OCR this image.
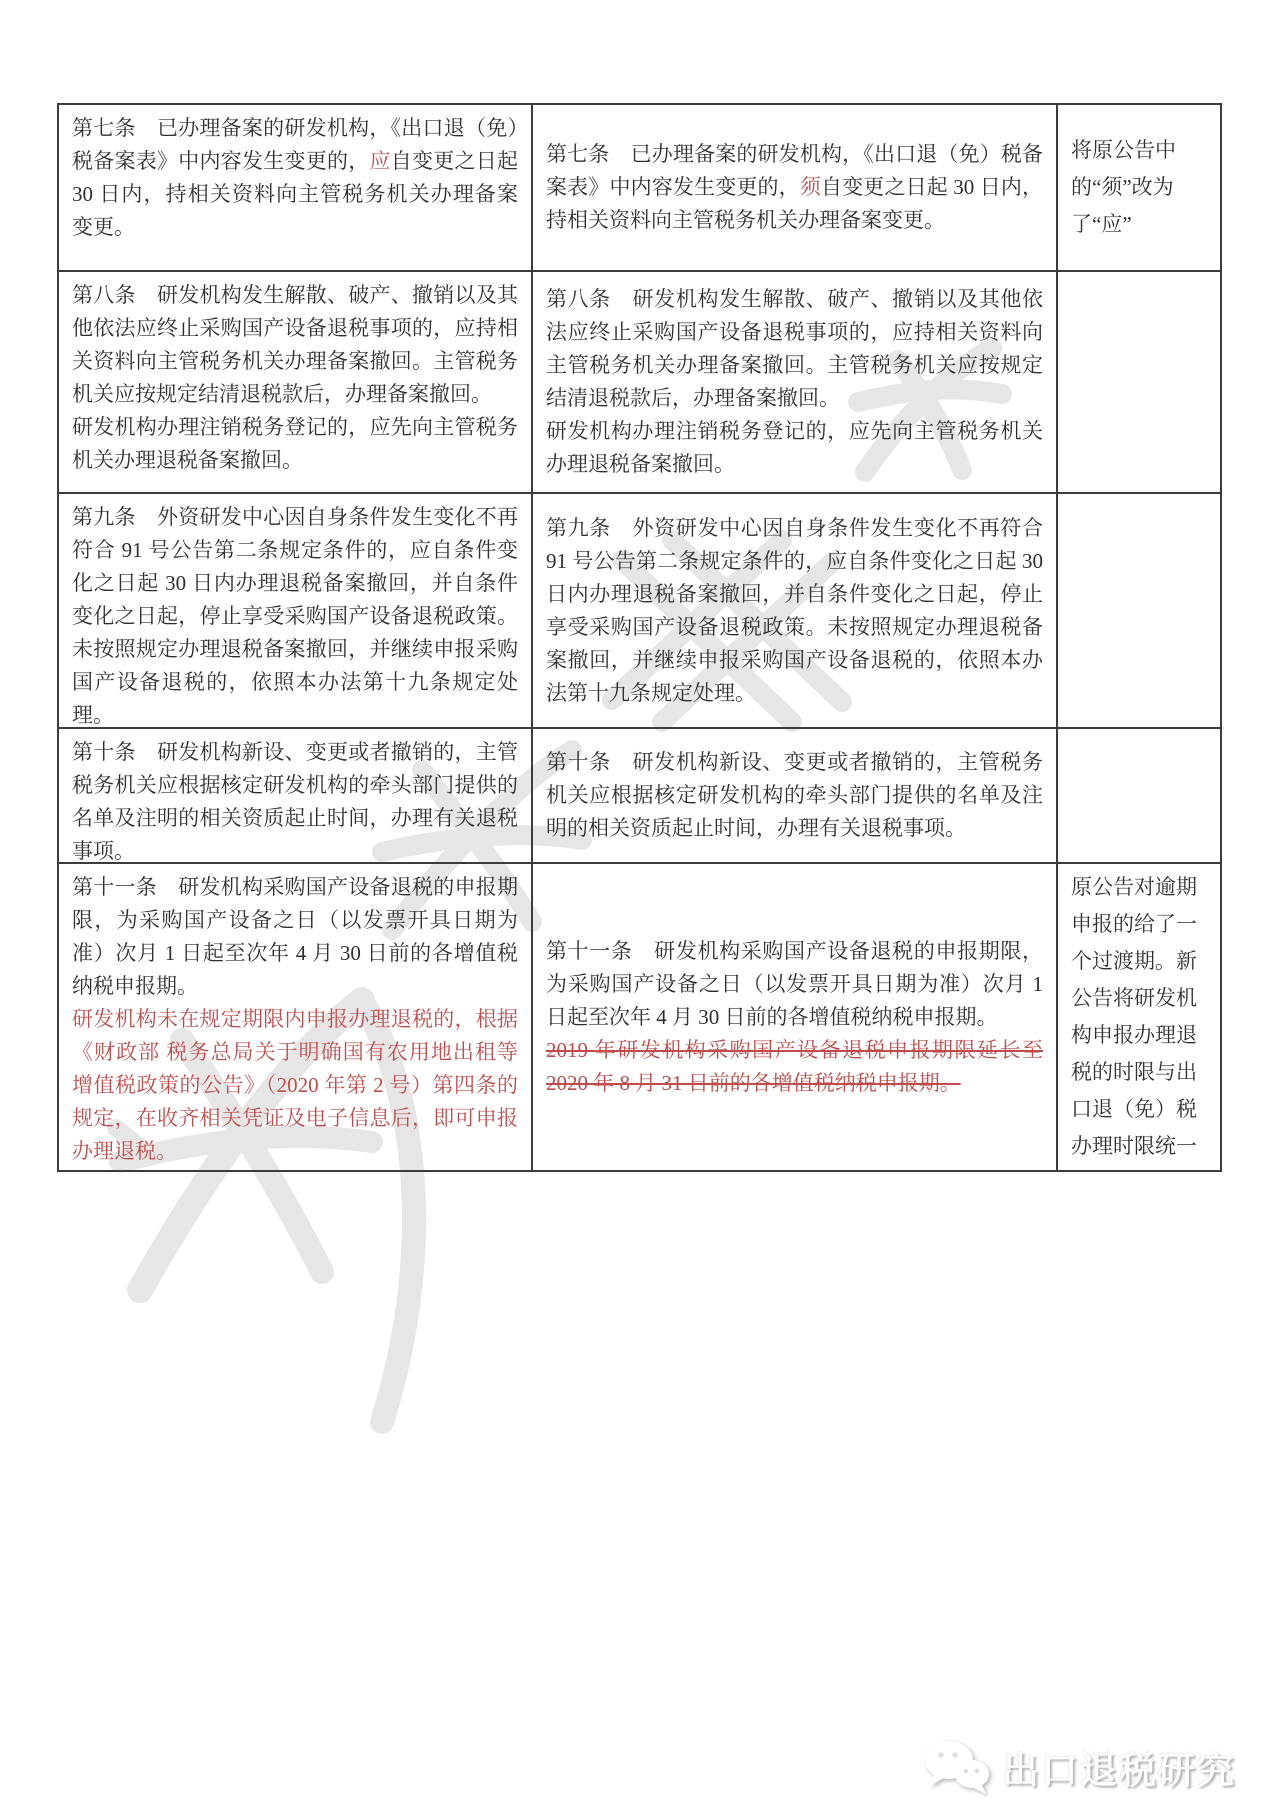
第七条　已办理备案的研发机构，《出口退（免）税备案表》中内容发生变更的，应自变更之日起 30 日内，持相关资料向主管税务机关办理备案变更。
第七条　已办理备案的研发机构，《出口退（免）税备案表》中内容发生变更的，须自变更之日起 30 日内，持相关资料向主管税务机关办理备案变更。
将原公告中的“须”改为了“应”
第八条　研发机构发生解散、破产、撤销以及其他依法应终止采购国产设备退税事项的，应持相关资料向主管税务机关办理备案撤回。主管税务机关应按规定结清退税款后，办理备案撤回。
研发机构办理注销税务登记的，应先向主管税务机关办理退税备案撤回。
第八条　研发机构发生解散、破产、撤销以及其他依法应终止采购国产设备退税事项的，应持相关资料向主管税务机关办理备案撤回。主管税务机关应按规定结清退税款后，办理备案撤回。
研发机构办理注销税务登记的，应先向主管税务机关办理退税备案撤回。
第九条　外资研发中心因自身条件发生变化不再符合 91 号公告第二条规定条件的，应自条件变化之日起 30 日内办理退税备案撤回，并自条件变化之日起，停止享受采购国产设备退税政策。未按照规定办理退税备案撤回，并继续申报采购国产设备退税的，依照本办法第十九条规定处理。
第九条　外资研发中心因自身条件发生变化不再符合 91 号公告第二条规定条件的，应自条件变化之日起 30 日内办理退税备案撤回，并自条件变化之日起，停止享受采购国产设备退税政策。未按照规定办理退税备案撤回，并继续申报采购国产设备退税的，依照本办法第十九条规定处理。
第十条　研发机构新设、变更或者撤销的，主管税务机关应根据核定研发机构的牵头部门提供的名单及注明的相关资质起止时间，办理有关退税事项。
第十条　研发机构新设、变更或者撤销的，主管税务机关应根据核定研发机构的牵头部门提供的名单及注明的相关资质起止时间，办理有关退税事项。
第十一条　研发机构采购国产设备退税的申报期限，为采购国产设备之日（以发票开具日期为准）次月 1 日起至次年 4 月 30 日前的各增值税纳税申报期。
研发机构未在规定期限内申报办理退税的，根据《财政部 税务总局关于明确国有农用地出租等增值税政策的公告》（2020 年第 2 号）第四条的规定，在收齐相关凭证及电子信息后，即可申报办理退税。
第十一条　研发机构采购国产设备退税的申报期限，为采购国产设备之日（以发票开具日期为准）次月 1 日起至次年 4 月 30 日前的各增值税纳税申报期。
2019 年研发机构采购国产设备退税申报期限延长至 2020 年 8 月 31 日前的各增值税纳税申报期。
原公告对逾期申报的给了一个过渡期。新公告将研发机构申报办理退税的时限与出口退（免）税办理时限统一
出口退税研究
